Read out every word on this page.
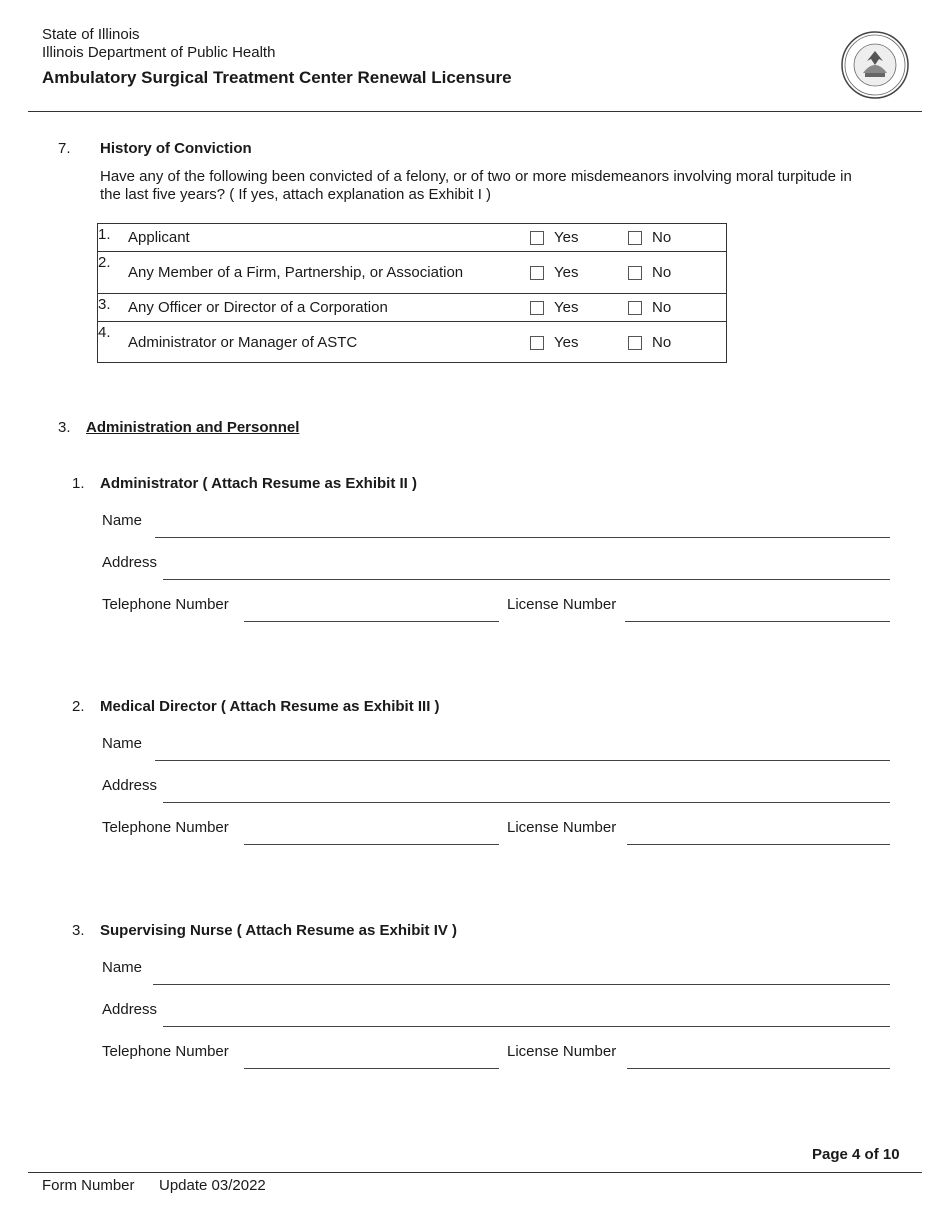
State of Illinois
Illinois Department of Public Health
Ambulatory Surgical Treatment Center Renewal Licensure
7. History of Conviction
Have any of the following been convicted of a felony, or of two or more misdemeanors involving moral turpitude in
the last five years? ( If yes, attach explanation as Exhibit I )
1.	Applicant	Yes	No
2.	Any Member of a Firm, Partnership, or Association	Yes	No
3.	Any Officer or Director of a Corporation	Yes	No
4.	Administrator or Manager of ASTC	Yes	No
3. Administration and Personnel
1. Administrator ( Attach Resume as Exhibit II )
Name
Address
Telephone Number	License Number
2. Medical Director ( Attach Resume as Exhibit III )
Name
Address
Telephone Number	License Number
3. Supervising Nurse ( Attach Resume as Exhibit IV )
Name
Address
Telephone Number	License Number
Page 4 of 10
Form Number Update 03/2022
